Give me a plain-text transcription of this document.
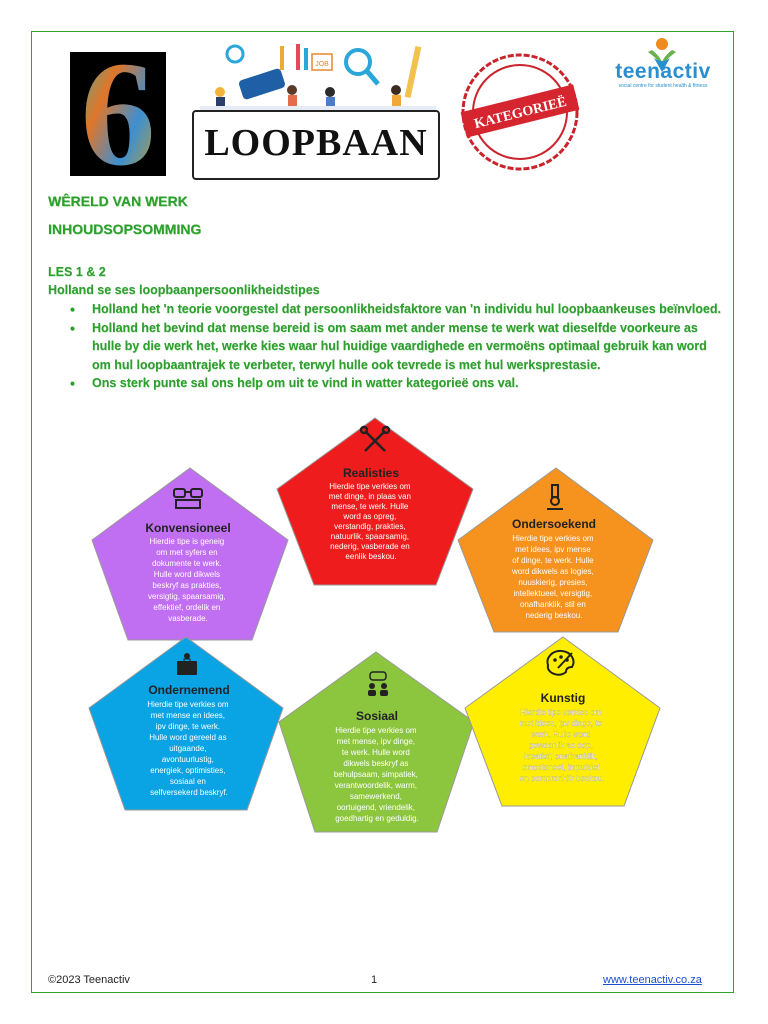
6	JOB
LOOPBAAN
KATEGORIEË
teenactiv
social centre for student health & fitness
WÊRELD VAN WERK
INHOUDSOPSOMMING
LES 1 & 2
Holland se ses loopbaanpersoonlikheidstipes
• Holland het 'n teorie voorgestel dat persoonlikheidsfaktore van 'n individu hul loopbaankeuses beïnvloed.
• Holland het bevind dat mense bereid is om saam met ander mense te werk wat dieselfde voorkeure as hulle by die werk het, werke kies waar hul huidige vaardighede en vermoëns optimaal gebruik kan word om hul loopbaantrajek te verbeter, terwyl hulle ook tevrede is met hul werksprestasie.
• Ons sterk punte sal ons help om uit te vind in watter kategorieë ons val.
Realisties
Hierdie tipe verkies om met dinge, in plaas van mense, te werk. Hulle word as opreg, verstandig, prakties, natuurlik, spaarsamig, nederig, vasberade en eenlik beskou.
Konvensioneel
Hierdie tipe is geneig om met syfers en dokumente te werk. Hulle word dikwels beskryf as prakties, versigtig, spaarsamig, effektief, ordelik en vasberade.
Ondersoekend
Hierdie tipe verkies om met idees, ipv mense of dinge, te werk. Hulle word dikwels as logies, nuuskierig, presies, intellektueel, versigtig, onafhanklik, stil en nederig beskou.
Ondernemend
Hierdie tipe verkies om met mense en idees, ipv dinge, te werk. Hulle word gereeld as uitgaande, avontuurlustig, energiek, optimisties, sosiaal en selfversekerd beskryf.
Sosiaal
Hierdie tipe verkies om met mense, ipv dinge, te werk. Hulle word dikwels beskryf as behulpsaam, simpatiek, verantwoordelik, warm, samewerkend, oortuigend, vriendelik, goedhartig en geduldig.
Kunstig
Hierdie tipe verkies om met idees, ipv dinge, te werk. Hulle word gewoonlik as oop, kreatief, onafhanklik, emosioneel, impulsief en oorspronklik beskou.
©2023 Teenactiv	1	www.teenactiv.co.za
